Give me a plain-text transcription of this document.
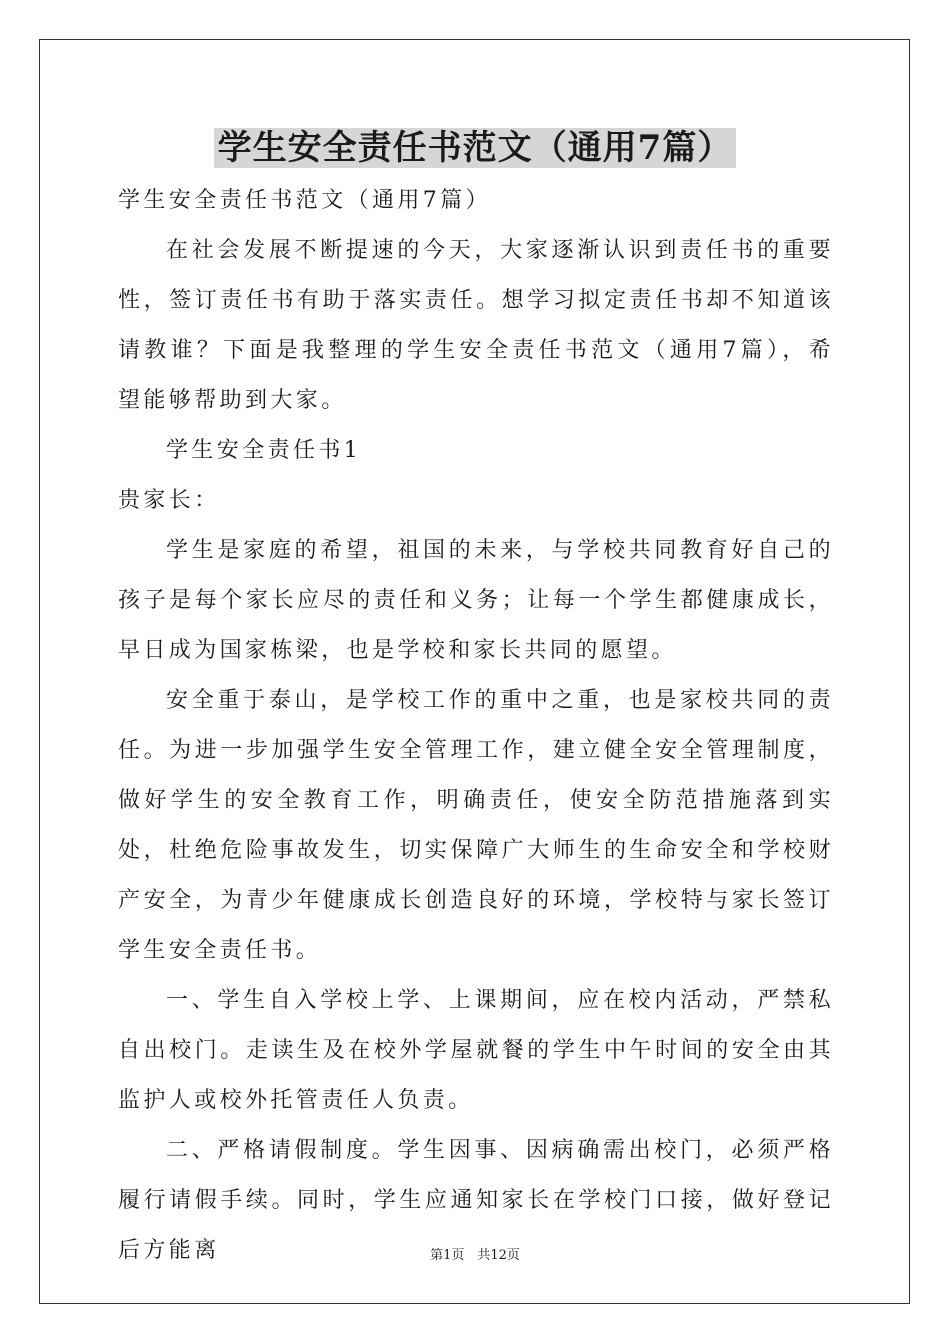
学生安全责任书范文（通用7篇）

学生安全责任书范文（通用7篇）

在社会发展不断提速的今天，大家逐渐认识到责任书的重要性，签订责任书有助于落实责任。想学习拟定责任书却不知道该请教谁？下面是我整理的学生安全责任书范文（通用7篇），希望能够帮助到大家。

学生安全责任书1

贵家长：

学生是家庭的希望，祖国的未来，与学校共同教育好自己的孩子是每个家长应尽的责任和义务；让每一个学生都健康成长，早日成为国家栋梁，也是学校和家长共同的愿望。

安全重于泰山，是学校工作的重中之重，也是家校共同的责任。为进一步加强学生安全管理工作，建立健全安全管理制度，做好学生的安全教育工作，明确责任，使安全防范措施落到实处，杜绝危险事故发生，切实保障广大师生的生命安全和学校财产安全，为青少年健康成长创造良好的环境，学校特与家长签订学生安全责任书。

一、学生自入学校上学、上课期间，应在校内活动，严禁私自出校门。走读生及在校外学屋就餐的学生中午时间的安全由其监护人或校外托管责任人负责。

二、严格请假制度。学生因事、因病确需出校门，必须严格履行请假手续。同时，学生应通知家长在学校门口接，做好登记后方能离	第1页　共12页
